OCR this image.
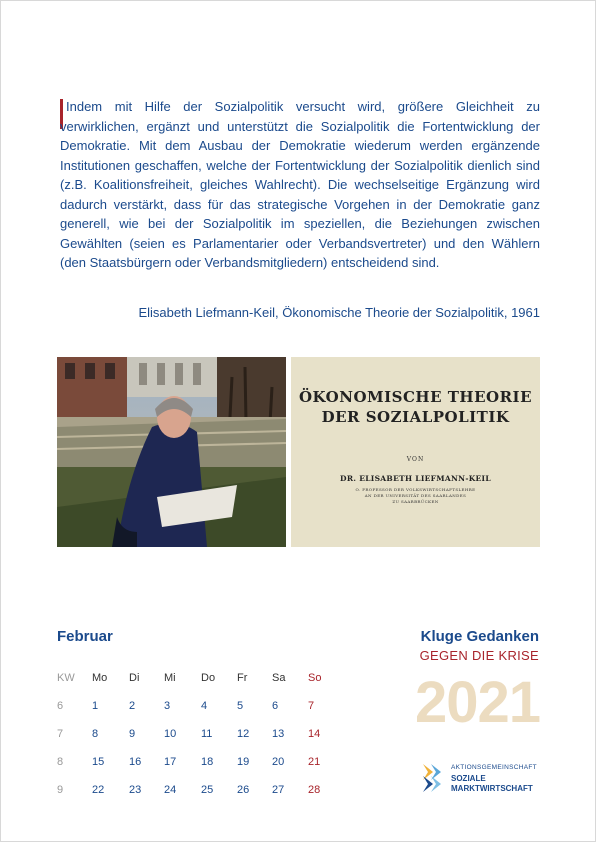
Indem mit Hilfe der Sozialpolitik versucht wird, größere Gleichheit zu verwirklichen, ergänzt und unterstützt die Sozialpolitik die Fortentwicklung der Demokratie. Mit dem Ausbau der Demokratie wiederum werden ergänzende Institutionen geschaffen, welche der Fortentwicklung der Sozialpolitik dienlich sind (z.B. Koalitionsfreiheit, gleiches Wahlrecht). Die wechselseitige Ergänzung wird dadurch verstärkt, dass für das strategische Vorgehen in der Demokratie ganz generell, wie bei der Sozialpolitik im speziellen, die Beziehungen zwischen Gewählten (seien es Parlamentarier oder Verbandsvertreter) und den Wählern (den Staatsbürgern oder Verbandsmitgliedern) entscheidend sind.

Elisabeth Liefmann-Keil, Ökonomische Theorie der Sozialpolitik, 1961
ÖKONOMISCHE THEORIE
DER SOZIALPOLITIK
VON
DR. ELISABETH LIEFMANN-KEIL
O. PROFESSOR DER VOLKSWIRTSCHAFTSLEHRE
AN DER UNIVERSITÄT DES SAARLANDES
ZU SAARBRÜCKEN
Februar
KW	Mo	Di	Mi	Do	Fr	Sa	So
6	1	2	3	4	5	6	7
7	8	9	10	11	12	13	14
8	15	16	17	18	19	20	21
9	22	23	24	25	26	27	28
Kluge Gedanken
GEGEN DIE KRISE
2021
AKTIONSGEMEINSCHAFT
SOZIALE
MARKTWIRTSCHAFT
